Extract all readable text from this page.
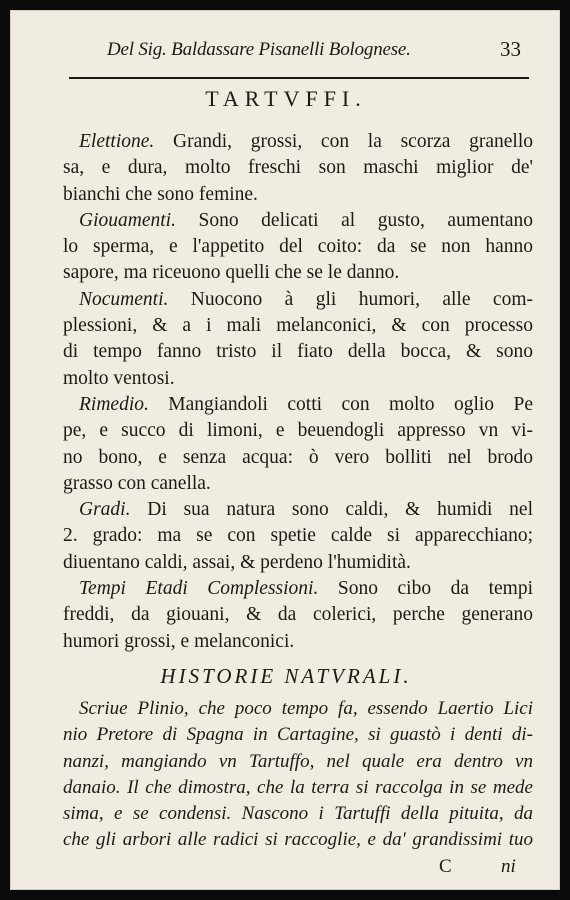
Del Sig. Baldassare Pisanelli Bolognese.	33
TARTVFFI.
Elettione. Grandi, grossi, con la scorza granello
sa, e dura, molto freschi son maschi miglior de'
bianchi che sono femine.
Giouamenti. Sono delicati al gusto, aumentano
lo sperma, e l'appetito del coito: da se non hanno
sapore, ma riceuono quelli che se le danno.
Nocumenti. Nuocono à gli humori, alle com-
plessioni, & a i mali melanconici, & con processo
di tempo fanno tristo il fiato della bocca, & sono
molto ventosi.
Rimedio. Mangiandoli cotti con molto oglio Pe
pe, e succo di limoni, e beuendogli appresso vn vi-
no bono, e senza acqua: ò vero bolliti nel brodo
grasso con canella.
Gradi. Di sua natura sono caldi, & humidi nel
2. grado: ma se con spetie calde si apparecchiano;
diuentano caldi, assai, & perdeno l'humidità.
Tempi Etadi Complessioni. Sono cibo da tempi
freddi, da giouani, & da colerici, perche generano
humori grossi, e melanconici.
HISTORIE NATVRALI.
Scriue Plinio, che poco tempo fa, essendo Laertio Lici
nio Pretore di Spagna in Cartagine, si guastò i denti di-
nanzi, mangiando vn Tartuffo, nel quale era dentro vn
danaio. Il che dimostra, che la terra si raccolga in se mede
sima, e se condensi. Nascono i Tartuffi della pituita, da
che gli arbori alle radici si raccoglie, e da' grandissimi tuo
C	ni
